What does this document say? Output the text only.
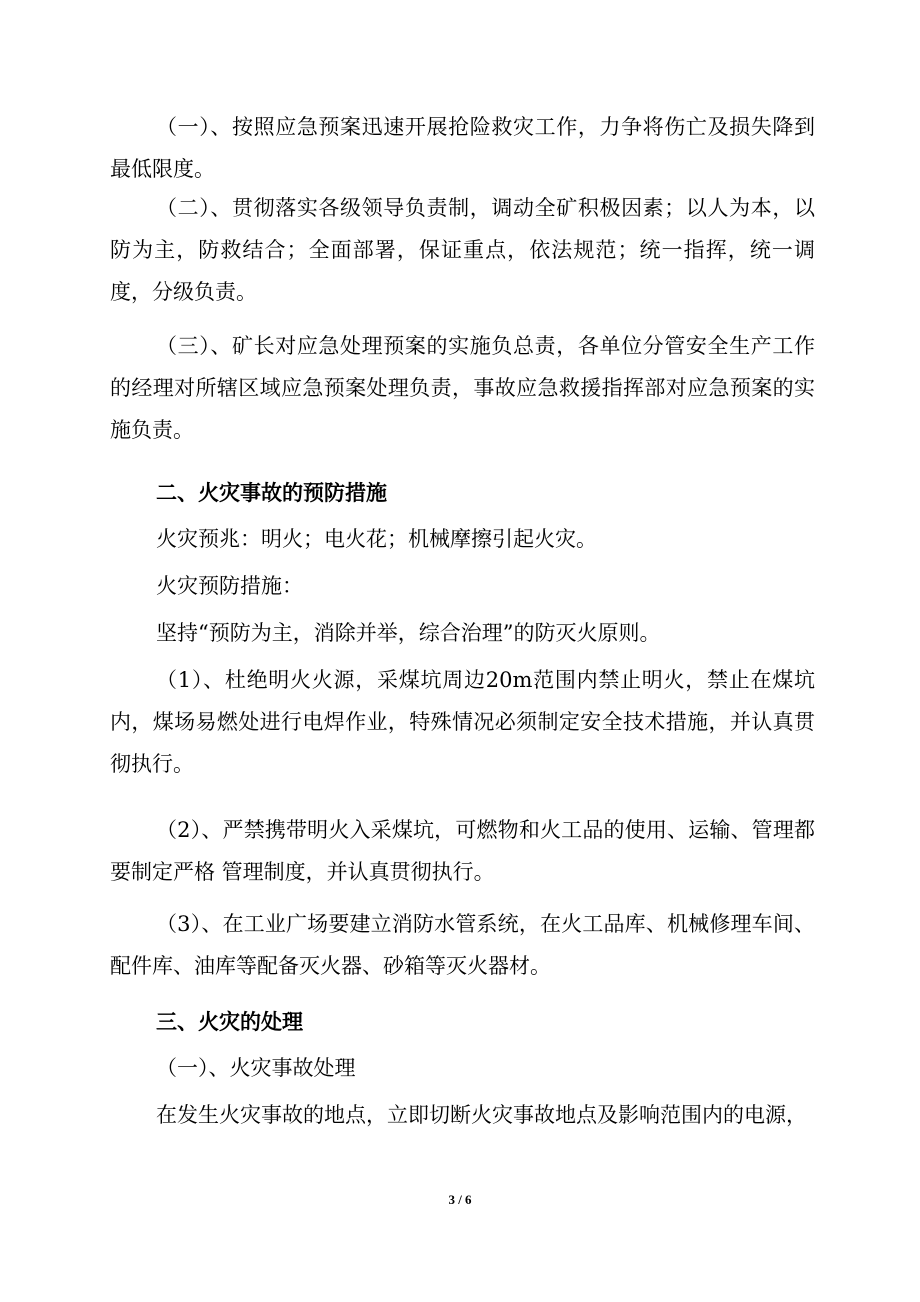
（一）、按照应急预案迅速开展抢险救灾工作，力争将伤亡及损失降到最低限度。

（二）、贯彻落实各级领导负责制，调动全矿积极因素；以人为本，以防为主，防救结合；全面部署，保证重点，依法规范；统一指挥，统一调度，分级负责。

（三）、矿长对应急处理预案的实施负总责，各单位分管安全生产工作的经理对所辖区域应急预案处理负责，事故应急救援指挥部对应急预案的实施负责。

二、火灾事故的预防措施

火灾预兆：明火；电火花；机械摩擦引起火灾。

火灾预防措施：

坚持“预防为主，消除并举，综合治理”的防灭火原则。

（1）、杜绝明火火源，采煤坑周边20m范围内禁止明火，禁止在煤坑内，煤场易燃处进行电焊作业，特殊情况必须制定安全技术措施，并认真贯彻执行。

（2）、严禁携带明火入采煤坑，可燃物和火工品的使用、运输、管理都要制定严格 管理制度，并认真贯彻执行。

（3）、在工业广场要建立消防水管系统，在火工品库、机械修理车间、配件库、油库等配备灭火器、砂箱等灭火器材。

三、火灾的处理

（一）、火灾事故处理

在发生火灾事故的地点，立即切断火灾事故地点及影响范围内的电源，

3 / 6
